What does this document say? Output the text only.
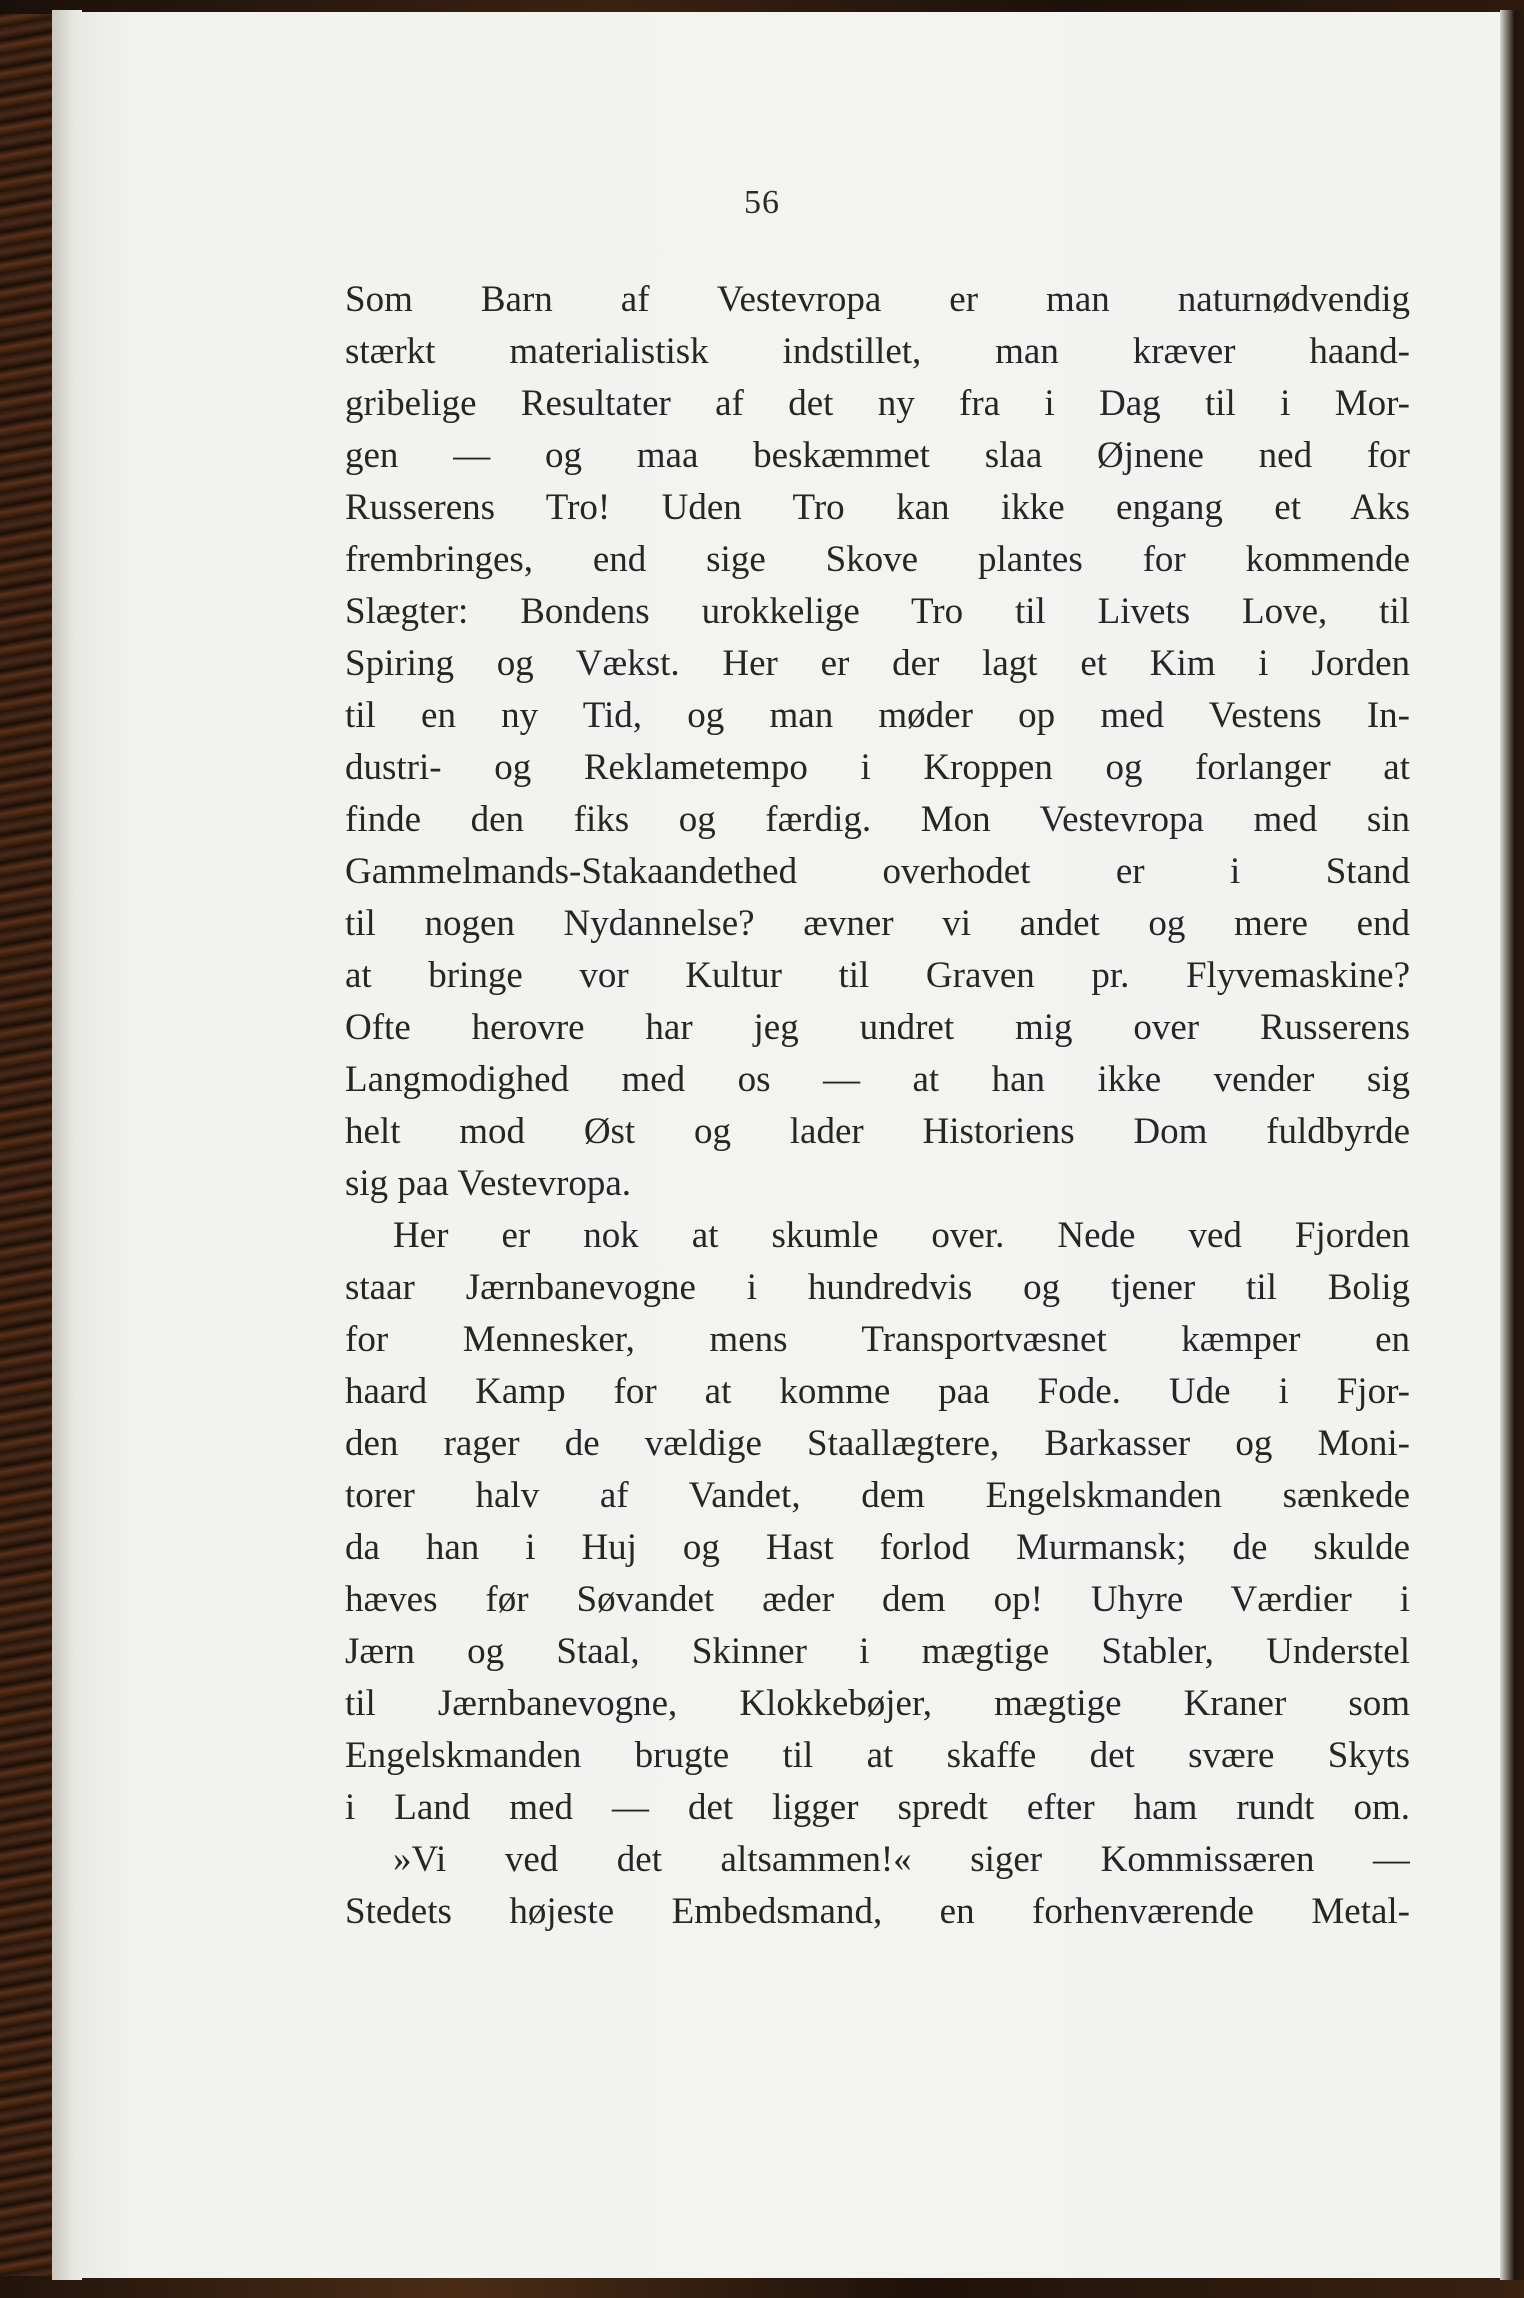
56
Som Barn af Vestevropa er man naturnødvendig
stærkt materialistisk indstillet, man kræver haand-
gribelige Resultater af det ny fra i Dag til i Mor-
gen — og maa beskæmmet slaa Øjnene ned for
Russerens Tro! Uden Tro kan ikke engang et Aks
frembringes, end sige Skove plantes for kommende
Slægter: Bondens urokkelige Tro til Livets Love, til
Spiring og Vækst. Her er der lagt et Kim i Jorden
til en ny Tid, og man møder op med Vestens In-
dustri- og Reklametempo i Kroppen og forlanger at
finde den fiks og færdig. Mon Vestevropa med sin
Gammelmands-Stakaandethed overhodet er i Stand
til nogen Nydannelse? ævner vi andet og mere end
at bringe vor Kultur til Graven pr. Flyvemaskine?
Ofte herovre har jeg undret mig over Russerens
Langmodighed med os — at han ikke vender sig
helt mod Øst og lader Historiens Dom fuldbyrde
sig paa Vestevropa.
Her er nok at skumle over. Nede ved Fjorden
staar Jærnbanevogne i hundredvis og tjener til Bolig
for Mennesker, mens Transportvæsnet kæmper en
haard Kamp for at komme paa Fode. Ude i Fjor-
den rager de vældige Staallægtere, Barkasser og Moni-
torer halv af Vandet, dem Engelskmanden sænkede
da han i Huj og Hast forlod Murmansk; de skulde
hæves før Søvandet æder dem op! Uhyre Værdier i
Jærn og Staal, Skinner i mægtige Stabler, Understel
til Jærnbanevogne, Klokkebøjer, mægtige Kraner som
Engelskmanden brugte til at skaffe det svære Skyts
i Land med — det ligger spredt efter ham rundt om.
»Vi ved det altsammen!« siger Kommissæren —
Stedets højeste Embedsmand, en forhenværende Metal-
